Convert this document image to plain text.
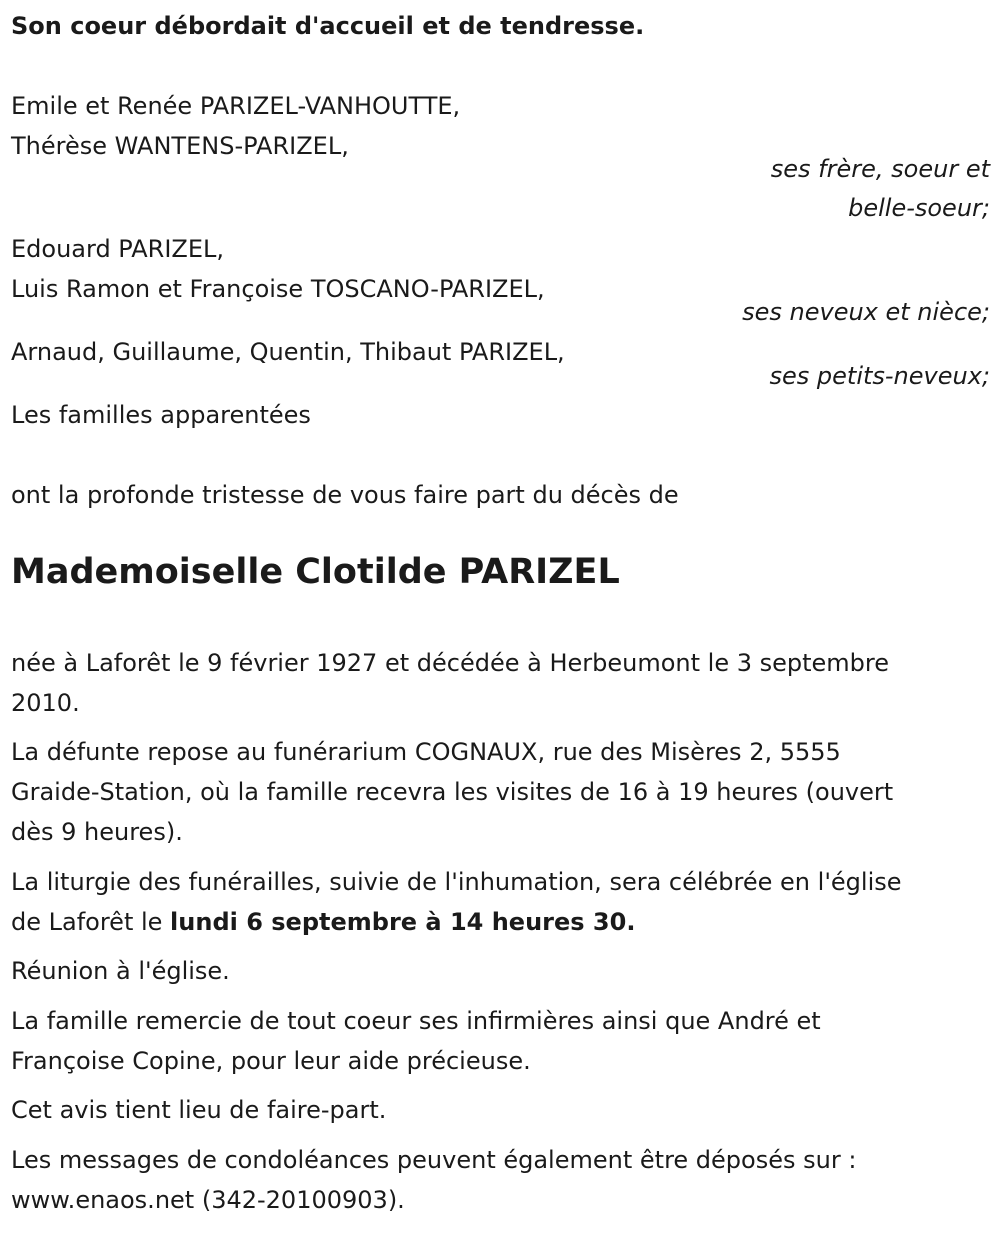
Son coeur débordait d'accueil et de tendresse.
Emile et Renée PARIZEL-VANHOUTTE,
Thérèse WANTENS-PARIZEL,
ses frère, soeur et
belle-soeur;
Edouard PARIZEL,
Luis Ramon et Françoise TOSCANO-PARIZEL,
ses neveux et nièce;
Arnaud, Guillaume, Quentin, Thibaut PARIZEL,
ses petits-neveux;
Les familles apparentées
ont la profonde tristesse de vous faire part du décès de
Mademoiselle Clotilde PARIZEL
née à Laforêt le 9 février 1927 et décédée à Herbeumont le 3 septembre
2010.
La défunte repose au funérarium COGNAUX, rue des Misères 2, 5555
Graide-Station, où la famille recevra les visites de 16 à 19 heures (ouvert
dès 9 heures).
La liturgie des funérailles, suivie de l'inhumation, sera célébrée en l'église
de Laforêt le lundi 6 septembre à 14 heures 30.
Réunion à l'église.
La famille remercie de tout coeur ses infirmières ainsi que André et
Françoise Copine, pour leur aide précieuse.
Cet avis tient lieu de faire-part.
Les messages de condoléances peuvent également être déposés sur :
www.enaos.net (342-20100903).
